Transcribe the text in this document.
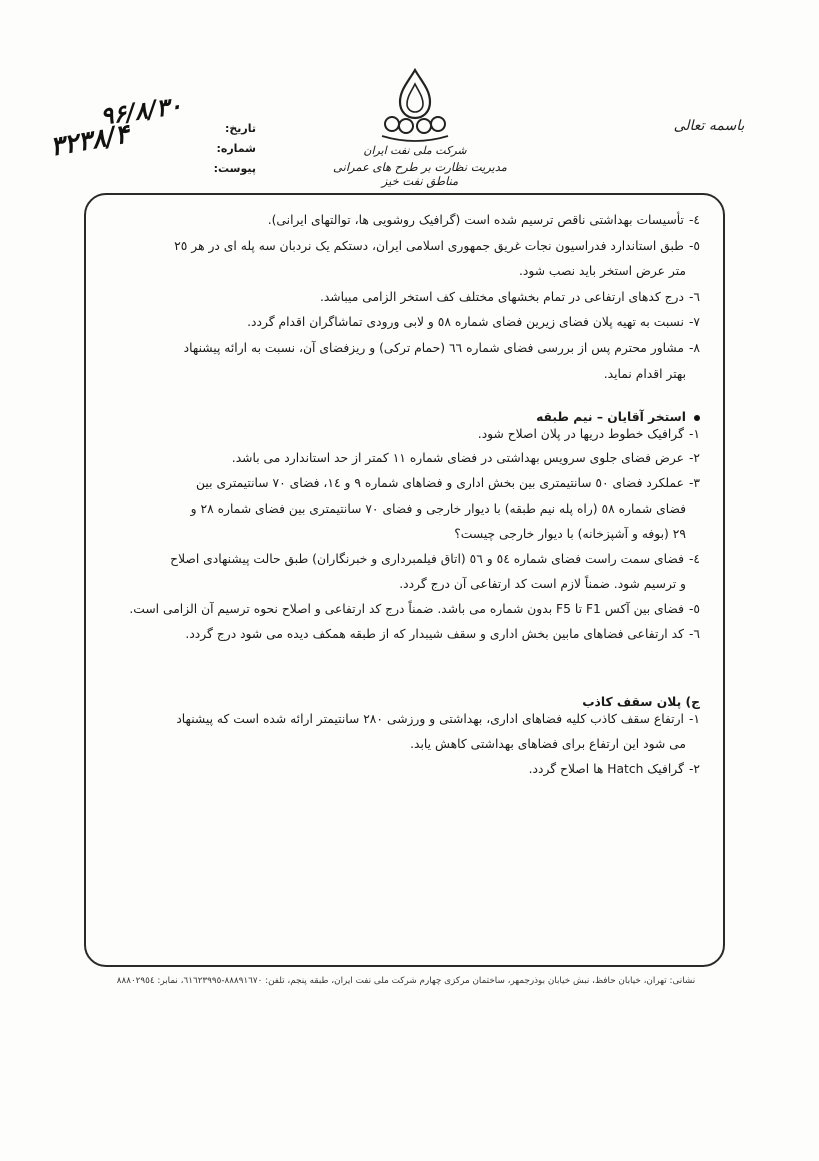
باسمه تعالی
شرکت ملی نفت ایران
مدیریت نظارت بر طرح های عمرانی مناطق نفت خیز
تاریخ:
شماره:
پیوست:
۹۶/۸/۳۰
۳۲۳۸/۴
٤-تأسیسات بهداشتی ناقص ترسیم شده است (گرافیک روشویی ها، توالتهای ایرانی).
٥-طبق استاندارد فدراسیون نجات غریق جمهوری اسلامی ایران، دستکم یک نردبان سه پله ای در هر ٢٥
متر عرض استخر باید نصب شود.
٦-درج کدهای ارتفاعی در تمام بخشهای مختلف کف استخر الزامی میباشد.
٧-نسبت به تهیه پلان فضای زیرین فضای شماره ٥٨ و لابی ورودی تماشاگران اقدام گردد.
٨-مشاور محترم پس از بررسی فضای شماره ٦٦ (حمام ترکی) و ریزفضای آن، نسبت به ارائه پیشنهاد
بهتر اقدام نماید.
استخر آقایان – نیم طبقه
١-گرافیک خطوط دریها در پلان اصلاح شود.
٢-عرض فضای جلوی سرویس بهداشتی در فضای شماره ١١ کمتر از حد استاندارد می باشد.
٣-عملکرد فضای ٥٠ سانتیمتری بین بخش اداری و فضاهای شماره ٩ و ١٤، فضای ٧٠ سانتیمتری بین
فضای شماره ٥٨ (راه پله نیم طبقه) با دیوار خارجی و فضای ٧٠ سانتیمتری بین فضای شماره ٢٨ و
٢٩ (بوفه و آشپزخانه) با دیوار خارجی چیست؟
٤-فضای سمت راست فضای شماره ٥٤ و ٥٦ (اتاق فیلمبرداری و خبرنگاران) طبق حالت پیشنهادی اصلاح
و ترسیم شود. ضمناً لازم است کد ارتفاعی آن درج گردد.
٥-فضای بین آکس F1 تا F5 بدون شماره می باشد. ضمناً درج کد ارتفاعی و اصلاح نحوه ترسیم آن الزامی است.
٦-کد ارتفاعی فضاهای مابین بخش اداری و سقف شیبدار که از طبقه همکف دیده می شود درج گردد.
ج) پلان سقف کاذب
١-ارتفاع سقف کاذب کلیه فضاهای اداری، بهداشتی و ورزشی ٢٨٠ سانتیمتر ارائه شده است که پیشنهاد
می شود این ارتفاع برای فضاهای بهداشتی کاهش یابد.
٢-گرافیک Hatch ها اصلاح گردد.
نشانی: تهران، خیابان حافظ، نبش خیابان بوذرجمهر، ساختمان مرکزی چهارم شرکت ملی نفت ایران، طبقه پنجم، تلفن: ٨٨٨٩١٦٧٠-٦١٦٢٣٩٩٥، نمابر: ٨٨٨٠٢٩٥٤
